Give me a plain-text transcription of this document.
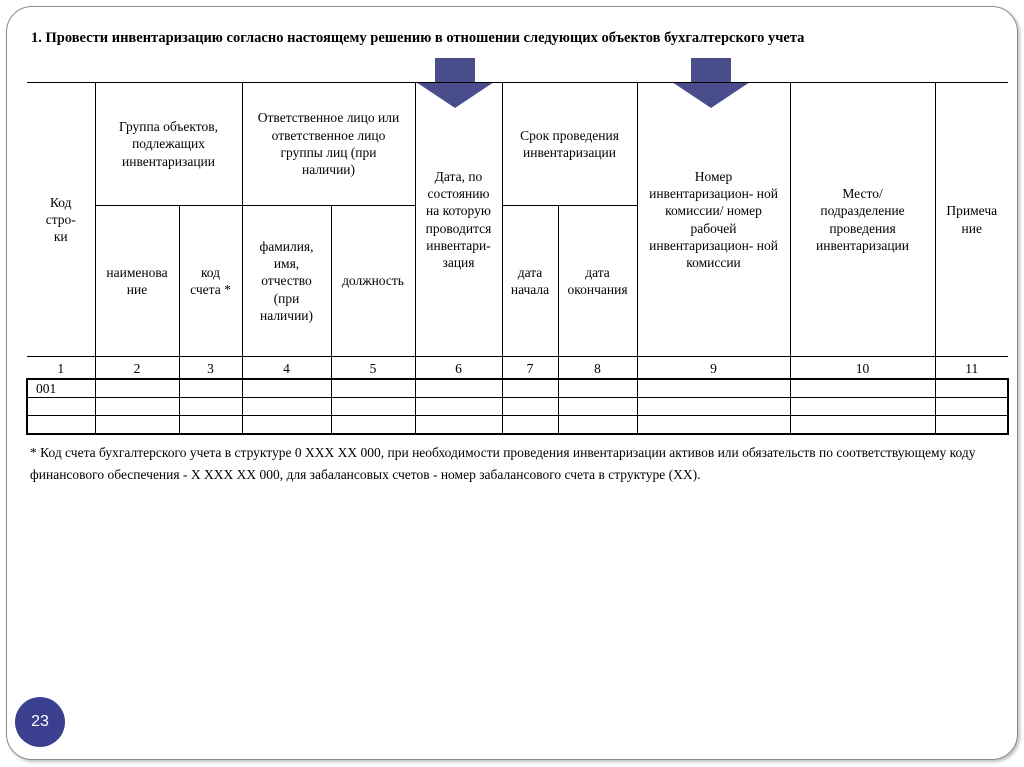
1. Провести инвентаризацию согласно настоящему решению в отношении следующих объектов бухгалтерского учета
Код стро- ки	Группа объектов, подлежащих инвентаризации		Ответственное лицо или ответственное лицо группы лиц (при наличии)		Дата, по состоянию на которую проводится инвентари- зация	Срок проведения инвентаризации		Номер инвентаризацион- ной комиссии/ номер рабочей инвентаризацион- ной комиссии	Место/ подразделение проведения инвентаризации	Примеча ние
	наименова ние	код счета *	фамилия, имя, отчество (при наличии)	должность		дата начала	дата окончания			
1	2	3	4	5	6	7	8	9	10	11
001										

* Код счета бухгалтерского учета в структуре 0 XXX XX 000, при необходимости проведения инвентаризации активов или обязательств по соответствующему коду финансового обеспечения - X XXX XX 000, для забалансовых счетов - номер забалансового счета в структуре (XX).
23
